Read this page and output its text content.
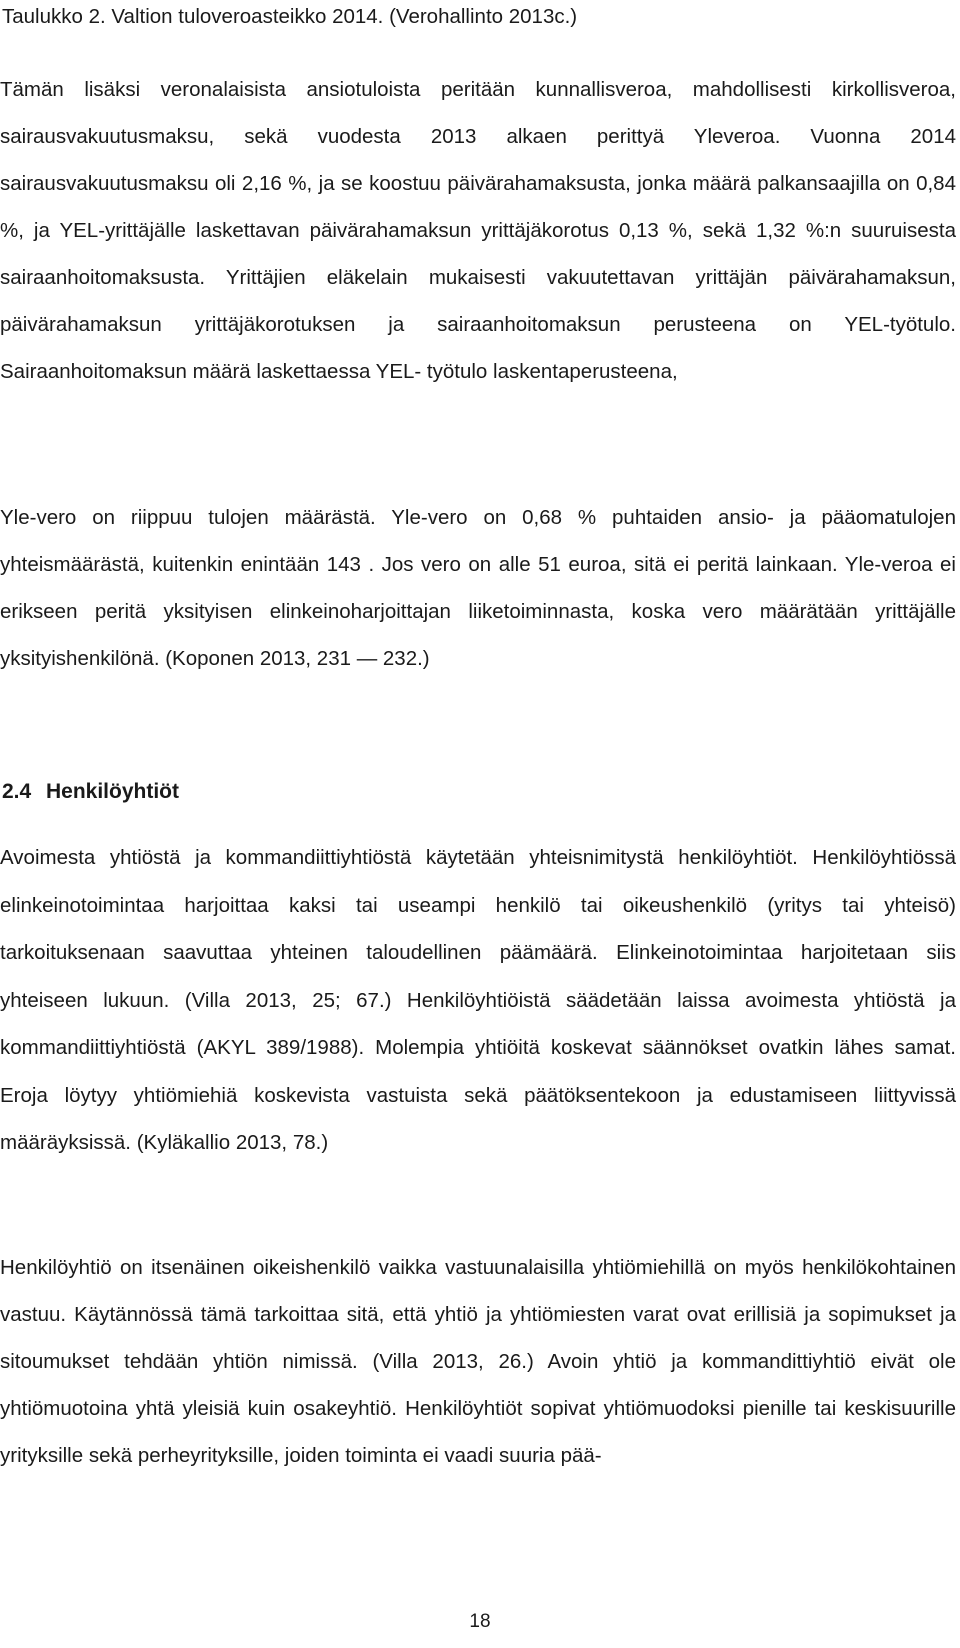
Taulukko 2. Valtion tuloveroasteikko 2014. (Verohallinto 2013c.)

Tämän lisäksi veronalaisista ansiotuloista peritään kunnallisveroa, mahdollisesti kirkollisveroa, sairausvakuutusmaksu, sekä vuodesta 2013 alkaen perittyä Yleveroa. Vuonna 2014 sairausvakuutusmaksu oli 2,16 %, ja se koostuu päivärahamaksusta, jonka määrä palkansaajilla on 0,84 %, ja YEL-yrittäjälle laskettavan päivärahamaksun yrittäjäkorotus 0,13 %, sekä 1,32 %:n suuruisesta sairaanhoitomaksusta. Yrittäjien eläkelain mukaisesti vakuutettavan yrittäjän päivärahamaksun, päivärahamaksun yrittäjäkorotuksen ja sairaanhoitomaksun perusteena on YEL-työtulo. Sairaanhoitomaksun määrä laskettaessa YEL- työtulo laskentaperusteena,

Yle-vero on riippuu tulojen määrästä. Yle-vero on 0,68 % puhtaiden ansio- ja pääomatulojen yhteismäärästä, kuitenkin enintään 143 . Jos vero on alle 51 euroa, sitä ei peritä lainkaan. Yle-veroa ei erikseen peritä yksityisen elinkeinoharjoittajan liiketoiminnasta, koska vero määrätään yrittäjälle yksityishenkilönä. (Koponen 2013, 231 — 232.)

2.4 Henkilöyhtiöt

Avoimesta yhtiöstä ja kommandiittiyhtiöstä käytetään yhteisnimitystä henkilöyhtiöt. Henkilöyhtiössä elinkeinotoimintaa harjoittaa kaksi tai useampi henkilö tai oikeushenkilö (yritys tai yhteisö) tarkoituksenaan saavuttaa yhteinen taloudellinen päämäärä. Elinkeinotoimintaa harjoitetaan siis yhteiseen lukuun. (Villa 2013, 25; 67.) Henkilöyhtiöistä säädetään laissa avoimesta yhtiöstä ja kommandiittiyhtiöstä (AKYL 389/1988). Molempia yhtiöitä koskevat säännökset ovatkin lähes samat. Eroja löytyy yhtiömiehiä koskevista vastuista sekä päätöksentekoon ja edustamiseen liittyvissä määräyksissä. (Kyläkallio 2013, 78.)

Henkilöyhtiö on itsenäinen oikeishenkilö vaikka vastuunalaisilla yhtiömiehillä on myös henkilökohtainen vastuu. Käytännössä tämä tarkoittaa sitä, että yhtiö ja yhtiömiesten varat ovat erillisiä ja sopimukset ja sitoumukset tehdään yhtiön nimissä. (Villa 2013, 26.) Avoin yhtiö ja kommandittiyhtiö eivät ole yhtiömuotoina yhtä yleisiä kuin osakeyhtiö. Henkilöyhtiöt sopivat yhtiömuodoksi pienille tai keskisuurille yrityksille sekä perheyrityksille, joiden toiminta ei vaadi suuria pää-

18
